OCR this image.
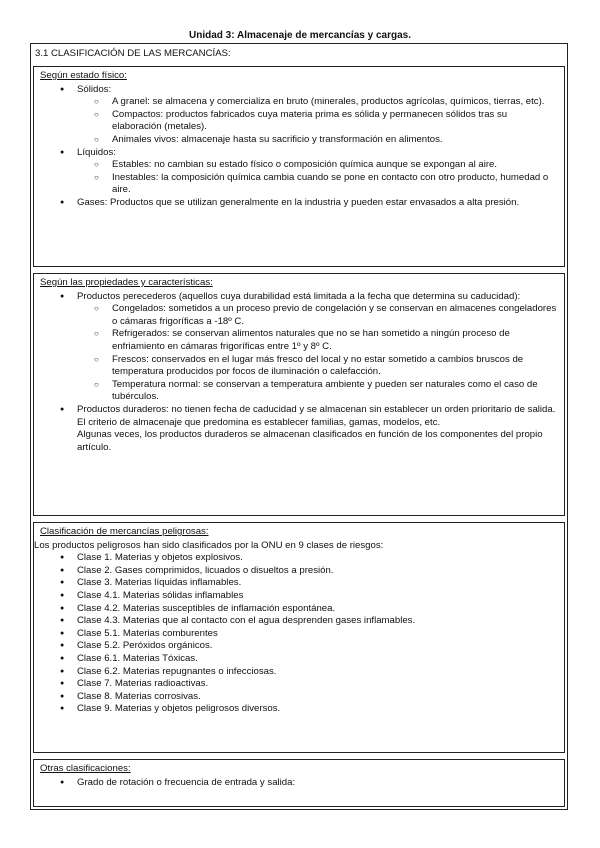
Unidad 3: Almacenaje de mercancías y cargas.
3.1 CLASIFICACIÓN DE LAS MERCANCÍAS:
Según estado físico:
● Sólidos:
○ A granel: se almacena y comercializa en bruto (minerales, productos agrícolas, químicos, tierras, etc).
○ Compactos: productos fabricados cuya materia prima es sólida y permanecen sólidos tras su elaboración (metales).
○ Animales vivos: almacenaje hasta su sacrificio y transformación en alimentos.
● Líquidos:
○ Estables: no cambian su estado físico o composición química aunque se expongan al aire.
○ Inestables: la composición química cambia cuando se pone en contacto con otro producto, humedad o aire.
● Gases: Productos que se utilizan generalmente en la industria y pueden estar envasados a alta presión.
Según las propiedades y características:
● Productos perecederos (aquellos cuya durabilidad está limitada a la fecha que determina su caducidad):
○ Congelados: sometidos a un proceso previo de congelación y se conservan en almacenes congeladores o cámaras frigoríficas a -18º C.
○ Refrigerados: se conservan alimentos naturales que no se han sometido a ningún proceso de enfriamiento en cámaras frigoríficas entre 1º y 8º C.
○ Frescos: conservados en el lugar más fresco del local y no estar sometido a cambios bruscos de temperatura producidos por focos de iluminación o calefacción.
○ Temperatura normal: se conservan a temperatura ambiente y pueden ser naturales como el caso de tubérculos.
● Productos duraderos: no tienen fecha de caducidad y se almacenan sin establecer un orden prioritario de salida. El criterio de almacenaje que predomina es establecer familias, gamas, modelos, etc.
Algunas veces, los productos duraderos se almacenan clasificados en función de los componentes del propio artículo.
Clasificación de mercancías peligrosas:
Los productos peligrosos han sido clasificados por la ONU en 9 clases de riesgos:
● Clase 1. Materias y objetos explosivos.
● Clase 2. Gases comprimidos, licuados o disueltos a presión.
● Clase 3. Materias líquidas inflamables.
● Clase 4.1. Materias sólidas inflamables
● Clase 4.2. Materias susceptibles de inflamación espontánea.
● Clase 4.3. Materias que al contacto con el agua desprenden gases inflamables.
● Clase 5.1. Materias comburentes
● Clase 5.2. Peróxidos orgánicos.
● Clase 6.1. Materias Tóxicas.
● Clase 6.2. Materias repugnantes o infecciosas.
● Clase 7. Materias radioactivas.
● Clase 8. Materias corrosivas.
● Clase 9. Materias y objetos peligrosos diversos.
Otras clasificaciones:
● Grado de rotación o frecuencia de entrada y salida:
